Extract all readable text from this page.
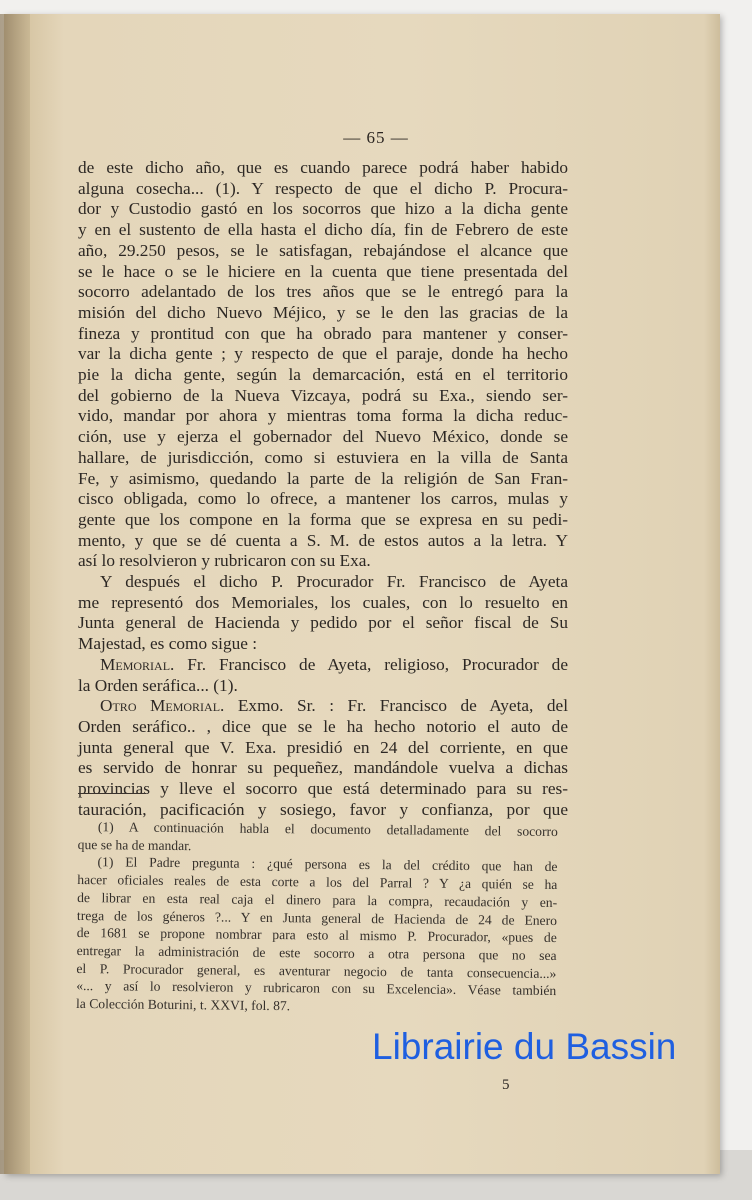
— 65 —
de este dicho año, que es cuando parece podrá haber habido
alguna cosecha... (1). Y respecto de que el dicho P. Procura-
dor y Custodio gastó en los socorros que hizo a la dicha gente
y en el sustento de ella hasta el dicho día, fin de Febrero de este
año, 29.250 pesos, se le satisfagan, rebajándose el alcance que
se le hace o se le hiciere en la cuenta que tiene presentada del
socorro adelantado de los tres años que se le entregó para la
misión del dicho Nuevo Méjico, y se le den las gracias de la
fineza y prontitud con que ha obrado para mantener y conser-
var la dicha gente ; y respecto de que el paraje, donde ha hecho
pie la dicha gente, según la demarcación, está en el territorio
del gobierno de la Nueva Vizcaya, podrá su Exa., siendo ser-
vido, mandar por ahora y mientras toma forma la dicha reduc-
ción, use y ejerza el gobernador del Nuevo México, donde se
hallare, de jurisdicción, como si estuviera en la villa de Santa
Fe, y asimismo, quedando la parte de la religión de San Fran-
cisco obligada, como lo ofrece, a mantener los carros, mulas y
gente que los compone en la forma que se expresa en su pedi-
mento, y que se dé cuenta a S. M. de estos autos a la letra. Y
así lo resolvieron y rubricaron con su Exa.
Y después el dicho P. Procurador Fr. Francisco de Ayeta
me representó dos Memoriales, los cuales, con lo resuelto en
Junta general de Hacienda y pedido por el señor fiscal de Su
Majestad, es como sigue :
Memorial. Fr. Francisco de Ayeta, religioso, Procurador de
la Orden seráfica... (1).
Otro Memorial. Exmo. Sr. : Fr. Francisco de Ayeta, del
Orden seráfico.. , dice que se le ha hecho notorio el auto de
junta general que V. Exa. presidió en 24 del corriente, en que
es servido de honrar su pequeñez, mandándole vuelva a dichas
provincias y lleve el socorro que está determinado para su res-
tauración, pacificación y sosiego, favor y confianza, por que
(1) A continuación habla el documento detalladamente del socorro
que se ha de mandar.
(1) El Padre pregunta : ¿qué persona es la del crédito que han de
hacer oficiales reales de esta corte a los del Parral ? Y ¿a quién se ha
de librar en esta real caja el dinero para la compra, recaudación y en-
trega de los géneros ?... Y en Junta general de Hacienda de 24 de Enero
de 1681 se propone nombrar para esto al mismo P. Procurador, «pues de
entregar la administración de este socorro a otra persona que no sea
el P. Procurador general, es aventurar negocio de tanta consecuencia...»
«... y así lo resolvieron y rubricaron con su Excelencia». Véase también
la Colección Boturini, t. XXVI, fol. 87.
5
Librairie du Bassin
